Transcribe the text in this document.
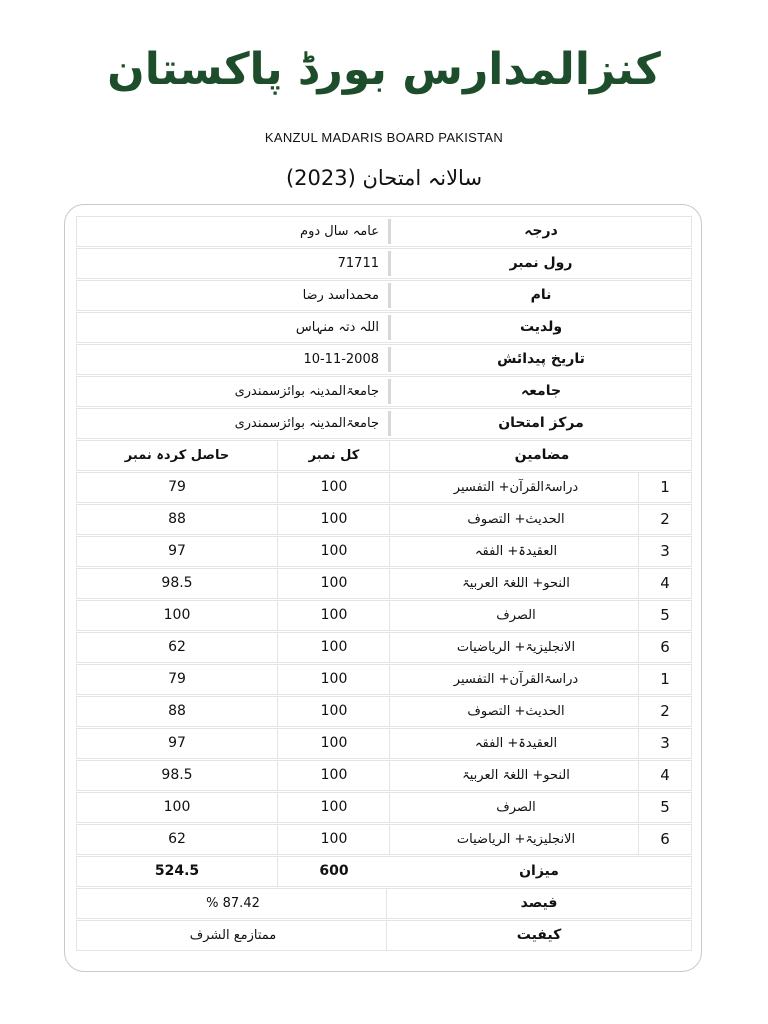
کنزالمدارس بورڈ پاکستان
KANZUL MADARIS BOARD PAKISTAN
سالانہ امتحان (2023)
درجہ
عامہ سال دوم
رول نمبر
71711
نام
محمداسد رضا
ولدیت
اللہ دتہ منہاس
تاریخ پیدائش
10-11-2008
جامعہ
جامعۃالمدینہ بوائزسمندری
مرکز امتحان
جامعۃالمدینہ بوائزسمندری
مضامین
کل نمبر
حاصل کردہ نمبر
1
دراسۃالقرآن+ التفسیر
100
79
2
الحدیث+ التصوف
100
88
3
العقیدۃ+ الفقہ
100
97
4
النحو+ اللغۃ العربیۃ
100
98.5
5
الصرف
100
100
6
الانجلیزیۃ+ الریاضیات
100
62
1
دراسۃالقرآن+ التفسیر
100
79
2
الحدیث+ التصوف
100
88
3
العقیدۃ+ الفقہ
100
97
4
النحو+ اللغۃ العربیۃ
100
98.5
5
الصرف
100
100
6
الانجلیزیۃ+ الریاضیات
100
62
میزان
600
524.5
فیصد
87.42 %
کیفیت
ممتازمع الشرف
